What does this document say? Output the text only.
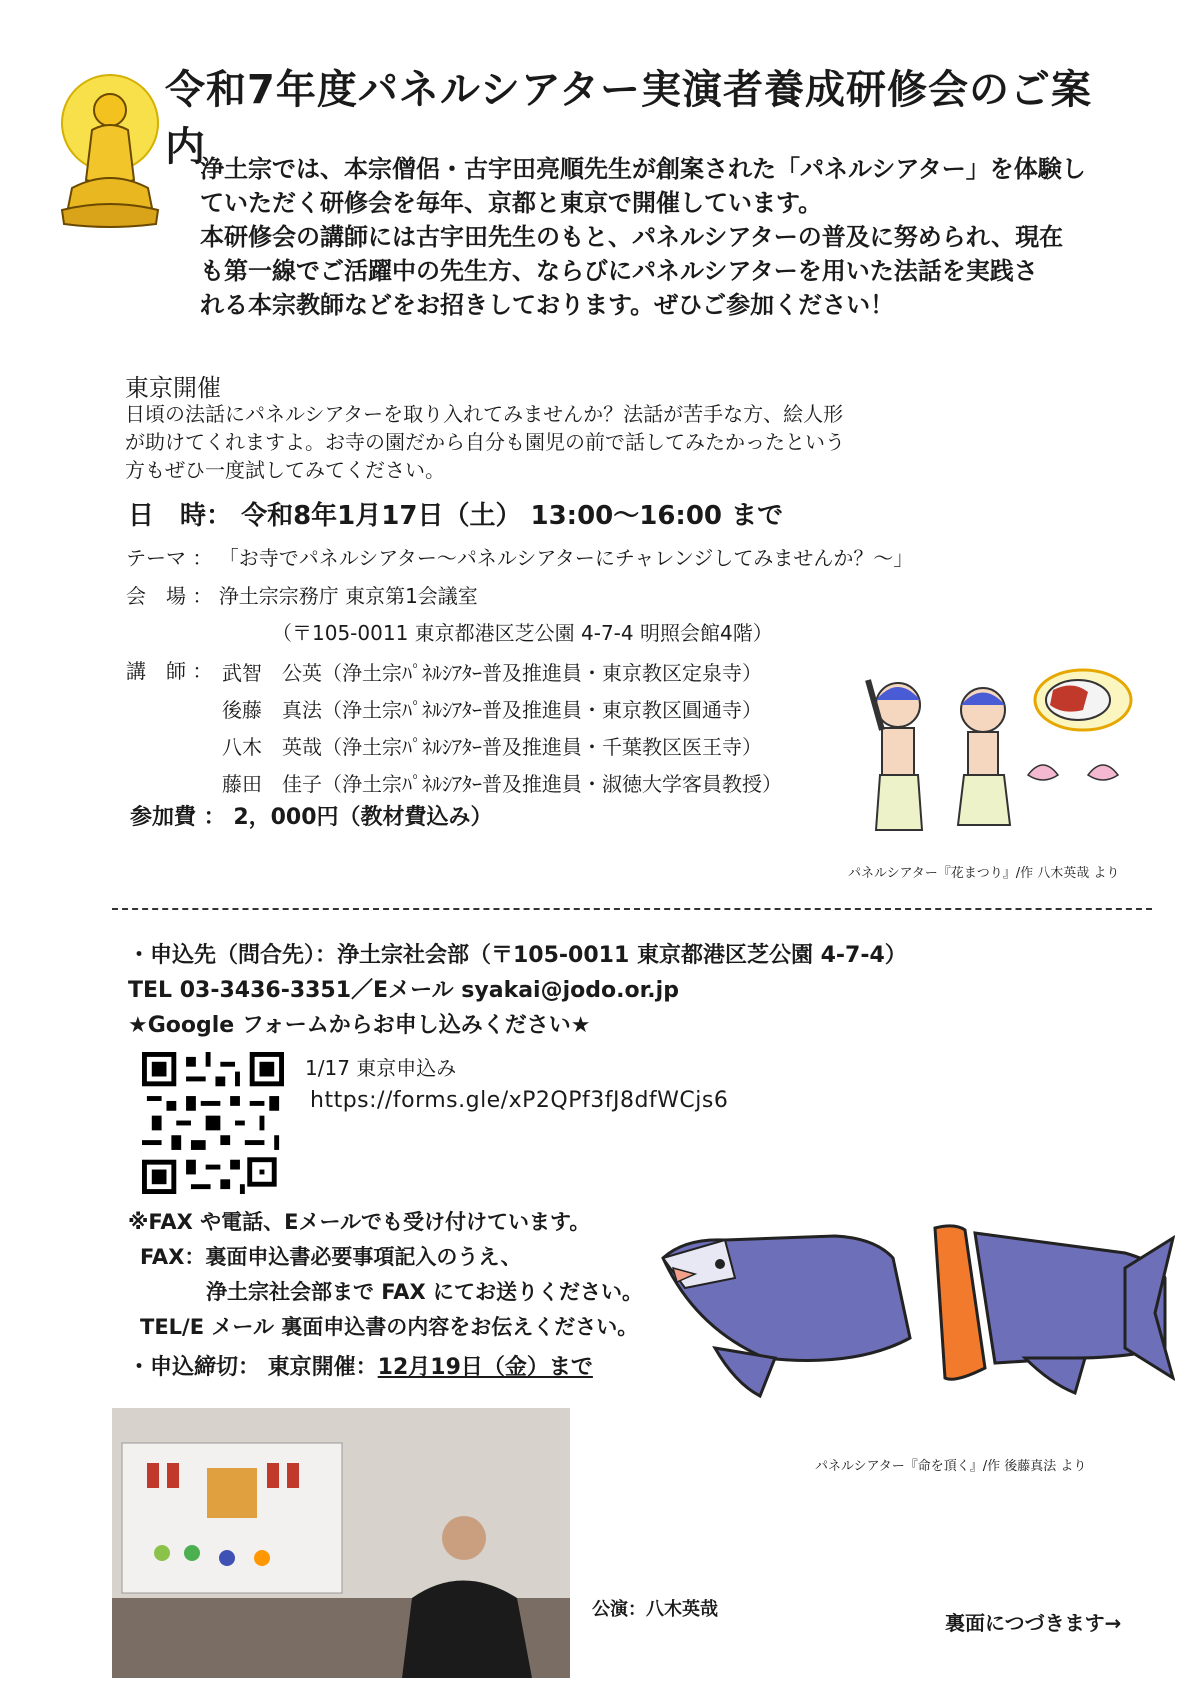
令和7年度パネルシアター実演者養成研修会のご案内
浄土宗では、本宗僧侶・古宇田亮順先生が創案された「パネルシアター」を体験し
ていただく研修会を毎年、京都と東京で開催しています。
本研修会の講師には古宇田先生のもと、パネルシアターの普及に努められ、現在
も第一線でご活躍中の先生方、ならびにパネルシアターを用いた法話を実践さ
れる本宗教師などをお招きしております。ぜひご参加ください！
東京開催
日頃の法話にパネルシアターを取り入れてみませんか？法話が苦手な方、絵人形
が助けてくれますよ。お寺の園だから自分も園児の前で話してみたかったという
方もぜひ一度試してみてください。
日　時： 令和8年1月17日（土） 13:00～16:00 まで
テーマ ： 「お寺でパネルシアター～パネルシアターにチャレンジしてみませんか？～」
会　場 ： 浄土宗宗務庁 東京第1会議室
（〒105-0011 東京都港区芝公園 4-7-4 明照会館4階）
講　師 ： 武智　公英（浄土宗ﾊﾟﾈﾙｼｱﾀｰ普及推進員・東京教区定泉寺）
後藤　真法（浄土宗ﾊﾟﾈﾙｼｱﾀｰ普及推進員・東京教区圓通寺）
八木　英哉（浄土宗ﾊﾟﾈﾙｼｱﾀｰ普及推進員・千葉教区医王寺）
藤田　佳子（浄土宗ﾊﾟﾈﾙｼｱﾀｰ普及推進員・淑徳大学客員教授）
参加費 ： 2，000円（教材費込み）
パネルシアター『花まつり』/作 八木英哉 より
・申込先（問合先）：浄土宗社会部（〒105-0011 東京都港区芝公園 4-7-4）
TEL 03-3436-3351／Eメール syakai@jodo.or.jp
★Google フォームからお申し込みください★
1/17 東京申込み
https://forms.gle/xP2QPf3fJ8dfWCjs6
※FAX や電話、Eメールでも受け付けています。
FAX：裏面申込書必要事項記入のうえ、
浄土宗社会部まで FAX にてお送りください。
TEL/E メール 裏面申込書の内容をお伝えください。
・申込締切： 東京開催：12月19日（金）まで
パネルシアター『命を頂く』/作 後藤真法 より
公演：八木英哉
裏面につづきます→
